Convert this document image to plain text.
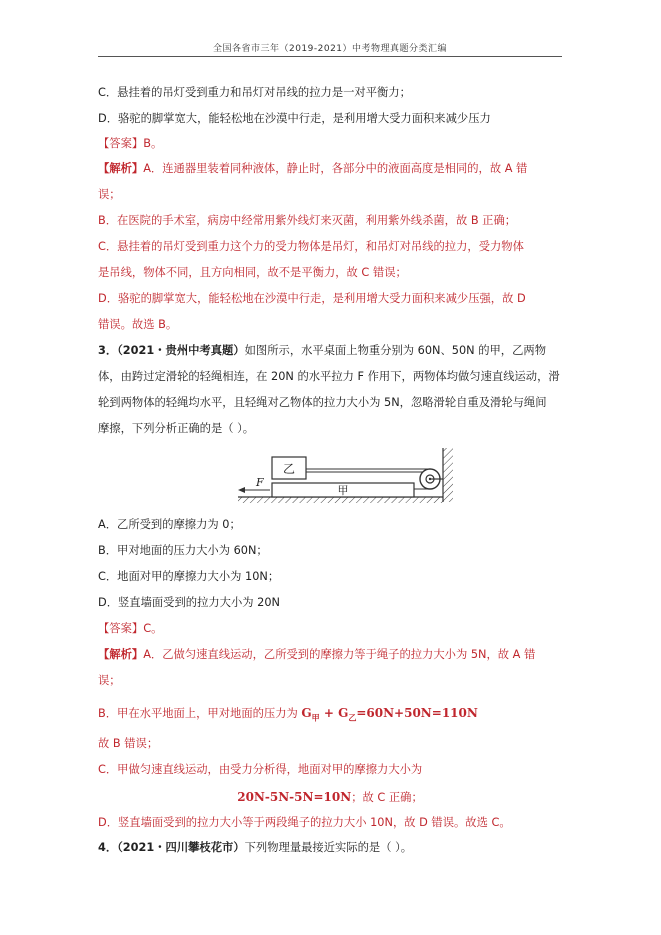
全国各省市三年（2019-2021）中考物理真题分类汇编
C．悬挂着的吊灯受到重力和吊灯对吊线的拉力是一对平衡力；
D．骆驼的脚掌宽大，能轻松地在沙漠中行走，是利用增大受力面积来减少压力
【答案】B。
【解析】A．连通器里装着同种液体，静止时，各部分中的液面高度是相同的，故 A 错
误；
B．在医院的手术室，病房中经常用紫外线灯来灭菌，利用紫外线杀菌，故 B 正确；
C．悬挂着的吊灯受到重力这个力的受力物体是吊灯，和吊灯对吊线的拉力，受力物体
是吊线，物体不同，且方向相同，故不是平衡力，故 C 错误；
D．骆驼的脚掌宽大，能轻松地在沙漠中行走，是利用增大受力面积来减少压强，故 D
错误。故选 B。
3．（2021・贵州中考真题）如图所示，水平桌面上物重分别为 60N、50N 的甲，乙两物
体，由跨过定滑轮的轻绳相连，在 20N 的水平拉力 F 作用下，两物体均做匀速直线运动，滑
轮到两物体的轻绳均水平，且轻绳对乙物体的拉力大小为 5N，忽略滑轮自重及滑轮与绳间
摩擦，下列分析正确的是（ ）。
乙
甲
F
A．乙所受到的摩擦力为 0；
B．甲对地面的压力大小为 60N；
C．地面对甲的摩擦力大小为 10N；
D．竖直墙面受到的拉力大小为 20N
【答案】C。
【解析】A．乙做匀速直线运动，乙所受到的摩擦力等于绳子的拉力大小为 5N，故 A 错
误；
B．甲在水平地面上，甲对地面的压力为 $G_甲 + G_乙=60N+50N=110N$
故 B 错误；
C．甲做匀速直线运动，由受力分析得，地面对甲的摩擦力大小为
20N-5N-5N=10N；故 C 正确；
D．竖直墙面受到的拉力大小等于两段绳子的拉力大小 10N，故 D 错误。故选 C。
4．（2021・四川攀枝花市）下列物理量最接近实际的是（ ）。
